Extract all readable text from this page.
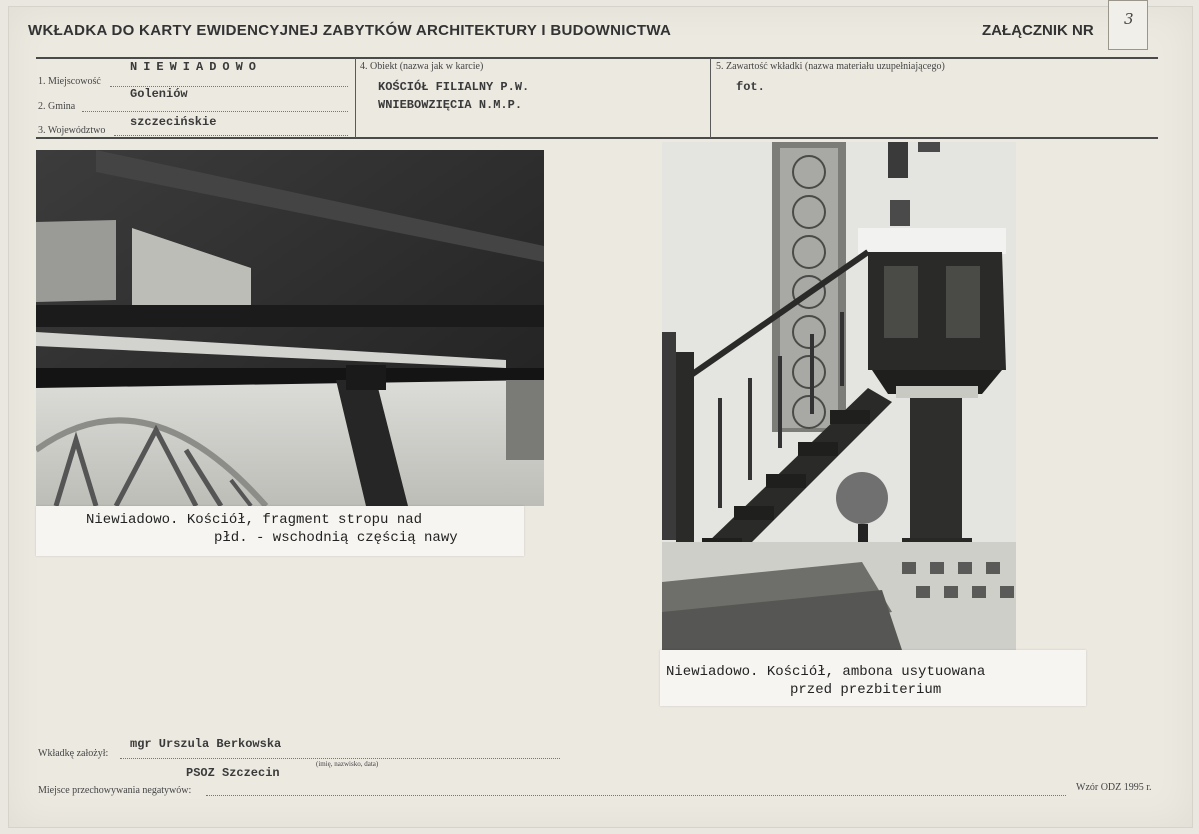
WKŁADKA DO KARTY EWIDENCYJNEJ ZABYTKÓW ARCHITEKTURY I BUDOWNICTWA	ZAŁĄCZNIK NR
3
1. Miejscowość
NIEWIADOWO
2. Gmina
Goleniów
3. Województwo
szczecińskie
4. Obiekt (nazwa jak w karcie)
KOŚCIÓŁ FILIALNY P.W.
WNIEBOWZIĘCIA N.M.P.
5. Zawartość wkładki (nazwa materiału uzupełniającego)
fot.
Niewiadowo. Kościół, fragment stropu nad
płd. - wschodnią częścią nawy
Niewiadowo. Kościół, ambona usytuowana
przed prezbiterium
Wkładkę założył:
mgr Urszula Berkowska
(imię, nazwisko, data)
PSOZ Szczecin
Miejsce przechowywania negatywów:	Wzór ODZ 1995 r.
